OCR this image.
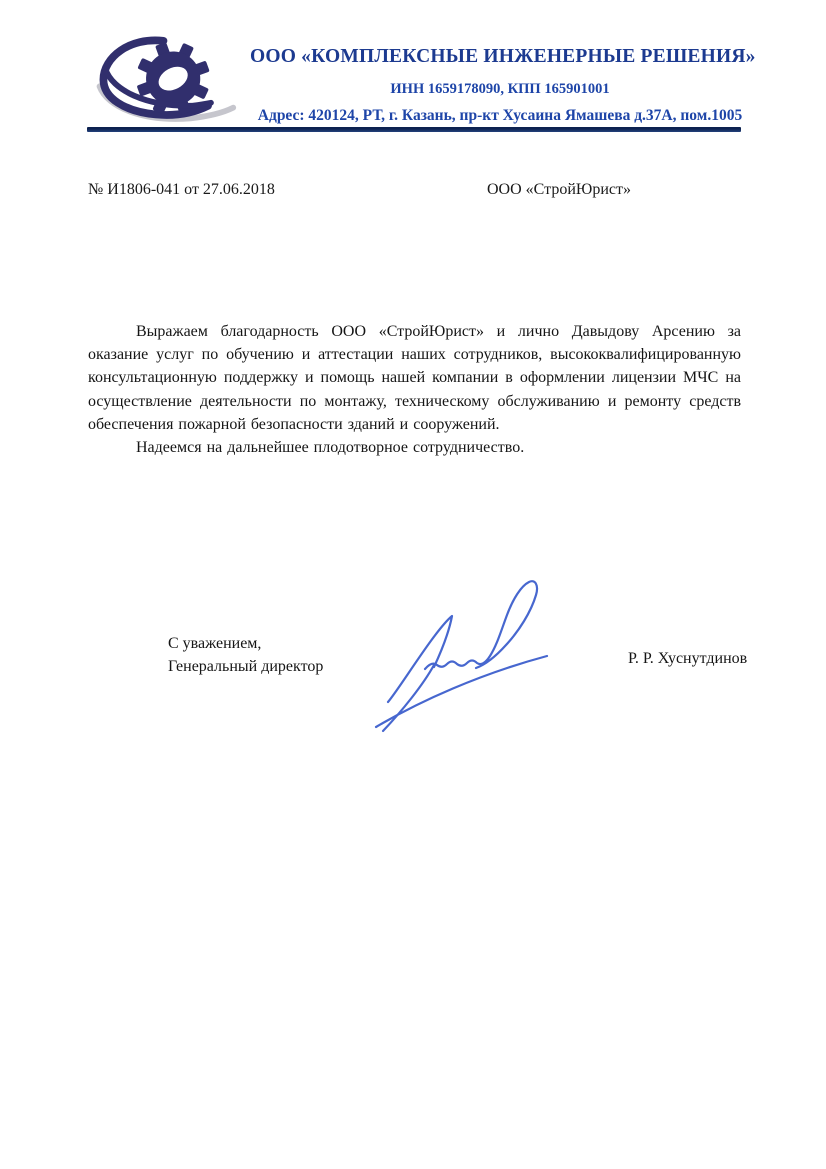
ООО «КОМПЛЕКСНЫЕ ИНЖЕНЕРНЫЕ РЕШЕНИЯ»
ИНН 1659178090, КПП 165901001
Адрес: 420124, РТ, г. Казань, пр-кт Хусаина Ямашева д.37А, пом.1005
№ И1806-041 от 27.06.2018	ООО «СтройЮрист»

Выражаем благодарность ООО «СтройЮрист» и лично Давыдову Арсению за оказание услуг по обучению и аттестации наших сотрудников, высококвалифицированную консультационную поддержку и помощь нашей компании в оформлении лицензии МЧС на осуществление деятельности по монтажу, техническому обслуживанию и ремонту средств обеспечения пожарной безопасности зданий и сооружений.

Надеемся на дальнейшее плодотворное сотрудничество.

С уважением,
Генеральный директор	Р. Р. Хуснутдинов
